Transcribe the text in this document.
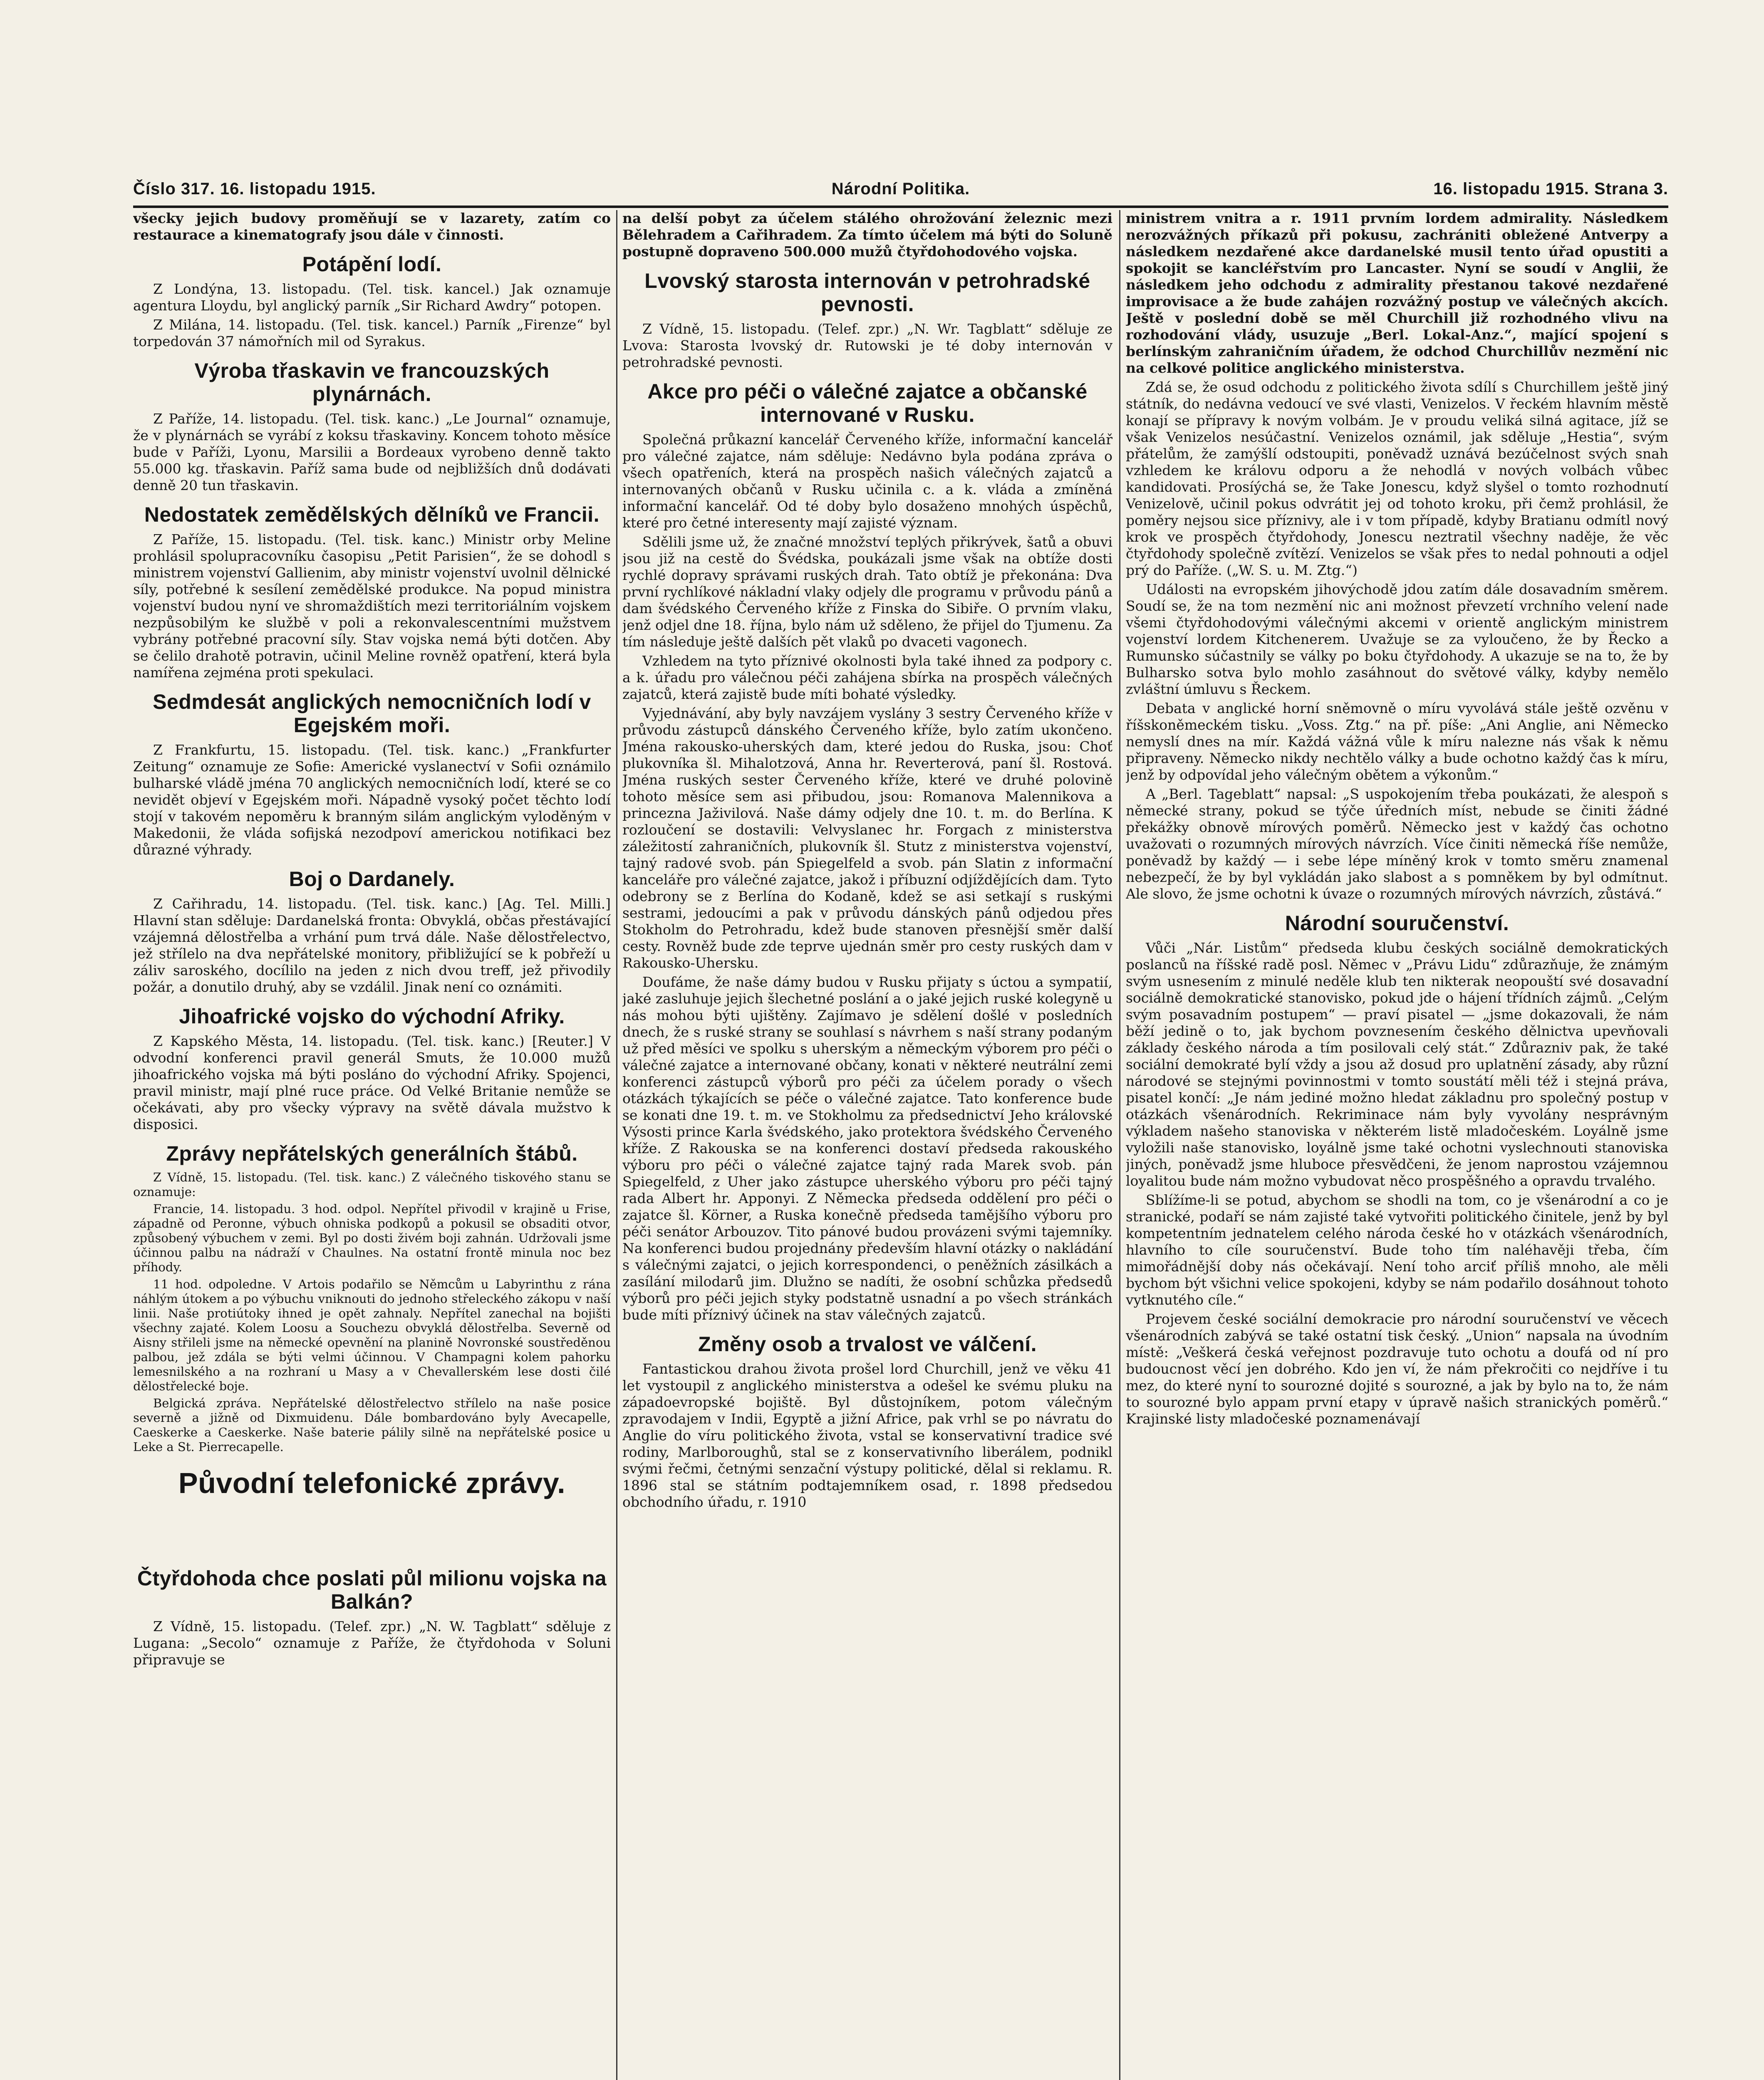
Národní Politika.
Číslo 317. 16. listopadu 1915.	16. listopadu 1915. Strana 3.

všecky jejich budovy proměňují se v lazarety, zatím co restaurace a kinematografy jsou dále v činnosti.

Potápění lodí.

Z Londýna, 13. listopadu. (Tel. tisk. kancel.) Jak oznamuje agentura Lloydu, byl anglický parník „Sir Richard Awdry“ potopen.

Z Milána, 14. listopadu. (Tel. tisk. kancel.) Parník „Firenze“ byl torpedován 37 námořních mil od Syrakus.

Výroba třaskavin ve francouzských plynárnách.

Z Paříže, 14. listopadu. (Tel. tisk. kanc.) „Le Journal“ oznamuje, že v plynárnách se vyrábí z koksu třaskaviny. Koncem tohoto měsíce bude v Paříži, Lyonu, Marsilii a Bordeaux vyrobeno denně takto 55.000 kg. třaskavin. Paříž sama bude od nejbližších dnů dodávati denně 20 tun třaskavin.

Nedostatek zemědělských dělníků ve Francii.

Z Paříže, 15. listopadu. (Tel. tisk. kanc.) Ministr orby Meline prohlásil spolupracovníku časopisu „Petit Parisien“, že se dohodl s ministrem vojenství Gallienim, aby ministr vojenství uvolnil dělnické síly, potřebné k sesílení zemědělské produkce. Na popud ministra vojenství budou nyní ve shromaždištích mezi territoriálním vojskem nezpůsobilým ke službě v poli a rekonvalescentními mužstvem vybrány potřebné pracovní síly. Stav vojska nemá býti dotčen. Aby se čelilo drahotě potravin, učinil Meline rovněž opatření, která byla namířena zejména proti spekulaci.

Sedmdesát anglických nemocničních lodí v Egejském moři.

Z Frankfurtu, 15. listopadu. (Tel. tisk. kanc.) „Frankfurter Zeitung“ oznamuje ze Sofie: Americké vyslanectví v Sofii oznámilo bulharské vládě jména 70 anglických nemocničních lodí, které se co nevidět objeví v Egejském moři. Nápadně vysoký počet těchto lodí stojí v takovém nepoměru k branným silám anglickým vyloděným v Makedonii, že vláda sofijská nezodpoví americkou notifikaci bez důrazné výhrady.

Boj o Dardanely.

Z Cařihradu, 14. listopadu. (Tel. tisk. kanc.) [Ag. Tel. Milli.] Hlavní stan sděluje: Dardanelská fronta: Obvyklá, občas přestávající vzájemná dělostřelba a vrhání pum trvá dále. Naše dělostřelectvo, jež střílelo na dva nepřátelské monitory, přibližující se k pobřeží u záliv saroského, docílilo na jeden z nich dvou treff, jež přivodily požár, a donutilo druhý, aby se vzdálil. Jinak není co oznámiti.

Jihoafrické vojsko do východní Afriky.

Z Kapského Města, 14. listopadu. (Tel. tisk. kanc.) [Reuter.] V odvodní konferenci pravil generál Smuts, že 10.000 mužů jihoafrického vojska má býti posláno do východní Afriky. Spojenci, pravil ministr, mají plné ruce práce. Od Velké Britanie nemůže se očekávati, aby pro všecky výpravy na světě dávala mužstvo k disposici.

Zprávy nepřátelských generálních štábů.

Z Vídně, 15. listopadu. (Tel. tisk. kanc.) Z válečného tiskového stanu se oznamuje:

Francie, 14. listopadu. 3 hod. odpol. Nepřítel přivodil v krajině u Frise, západně od Peronne, výbuch ohniska podkopů a pokusil se obsaditi otvor, způsobený výbuchem v zemi. Byl po dosti živém boji zahnán. Udržovali jsme účinnou palbu na nádraží v Chaulnes. Na ostatní frontě minula noc bez příhody.

11 hod. odpoledne. V Artois podařilo se Němcům u Labyrinthu z rána náhlým útokem a po výbuchu vniknouti do jednoho střeleckého zákopu v naší linii. Naše protiútoky ihned je opět zahnaly. Nepřítel zanechal na bojišti všechny zajaté. Kolem Loosu a Souchezu obvyklá dělostřelba. Severně od Aisny střileli jsme na německé opevnění na planině Novronské soustředěnou palbou, jež zdála se býti velmi účinnou. V Champagni kolem pahorku lemesnilského a na rozhraní u Masy a v Chevallerském lese dosti čilé dělostřelecké boje.

Belgická zpráva. Nepřátelské dělostřelectvo střílelo na naše posice severně a jižně od Dixmuidenu. Dále bombardováno byly Avecapelle, Caeskerke a Caeskerke. Naše baterie pálily silně na nepřátelské posice u Leke a St. Pierrecapelle.

Původní telefonické zprávy.
Čtyřdohoda chce poslati půl milionu vojska na Balkán?

Z Vídně, 15. listopadu. (Telef. zpr.) „N. W. Tagblatt“ sděluje z Lugana: „Secolo“ oznamuje z Paříže, že čtyřdohoda v Soluni připravuje se

na delší pobyt za účelem stálého ohrožování železnic mezi Bělehradem a Cařihradem. Za tímto účelem má býti do Soluně postupně dopraveno 500.000 mužů čtyřdohodového vojska.

Lvovský starosta internován v petrohradské pevnosti.

Z Vídně, 15. listopadu. (Telef. zpr.) „N. Wr. Tagblatt“ sděluje ze Lvova: Starosta lvovský dr. Rutowski je té doby internován v petrohradské pevnosti.

Akce pro péči o válečné zajatce a občanské internované v Rusku.

Společná průkazní kancelář Červeného kříže, informační kancelář pro válečné zajatce, nám sděluje: Nedávno byla podána zpráva o všech opatřeních, která na prospěch našich válečných zajatců a internovaných občanů v Rusku učinila c. a k. vláda a zmíněná informační kancelář. Od té doby bylo dosaženo mnohých úspěchů, které pro četné interesenty mají zajisté význam.

Sdělili jsme už, že značné množství teplých přikrývek, šatů a obuvi jsou již na cestě do Švédska, poukázali jsme však na obtíže dosti rychlé dopravy správami ruských drah. Tato obtíž je překonána: Dva první rychlíkové nákladní vlaky odjely dle programu v průvodu pánů a dam švédského Červeného kříže z Finska do Sibiře. O prvním vlaku, jenž odjel dne 18. října, bylo nám už sděleno, že přijel do Tjumenu. Za tím následuje ještě dalších pět vlaků po dvaceti vagonech.

Vzhledem na tyto příznivé okolnosti byla také ihned za podpory c. a k. úřadu pro válečnou péči zahájena sbírka na prospěch válečných zajatců, která zajistě bude míti bohaté výsledky.

Vyjednávání, aby byly navzájem vyslány 3 sestry Červeného kříže v průvodu zástupců dánského Červeného kříže, bylo zatím ukončeno. Jména rakousko-uherských dam, které jedou do Ruska, jsou: Choť plukovníka šl. Mihalotzová, Anna hr. Reverterová, paní šl. Rostová. Jména ruských sester Červeného kříže, které ve druhé polovině tohoto měsíce sem asi přibudou, jsou: Romanova Malennikova a princezna Jaživilová. Naše dámy odjely dne 10. t. m. do Berlína. K rozloučení se dostavili: Velvyslanec hr. Forgach z ministerstva záležitostí zahraničních, plukovník šl. Stutz z ministerstva vojenství, tajný radové svob. pán Spiegelfeld a svob. pán Slatin z informační kanceláře pro válečné zajatce, jakož i příbuzní odjíždějících dam. Tyto odebrony se z Berlína do Kodaně, kdež se asi setkají s ruskými sestrami, jedoucími a pak v průvodu dánských pánů odjedou přes Stokholm do Petrohradu, kdež bude stanoven přesnější směr další cesty. Rovněž bude zde teprve ujednán směr pro cesty ruských dam v Rakousko-Uhersku.

Doufáme, že naše dámy budou v Rusku přijaty s úctou a sympatií, jaké zasluhuje jejich šlechetné poslání a o jaké jejich ruské kolegyně u nás mohou býti ujištěny. Zajímavo je sdělení došlé v posledních dnech, že s ruské strany se souhlasí s návrhem s naší strany podaným už před měsíci ve spolku s uherským a německým výborem pro péči o válečné zajatce a internované občany, konati v některé neutrální zemi konferenci zástupců výborů pro péči za účelem porady o všech otázkách týkajících se péče o válečné zajatce. Tato konference bude se konati dne 19. t. m. ve Stokholmu za předsednictví Jeho královské Výsosti prince Karla švédského, jako protektora švédského Červeného kříže. Z Rakouska se na konferenci dostaví předseda rakouského výboru pro péči o válečné zajatce tajný rada Marek svob. pán Spiegelfeld, z Uher jako zástupce uherského výboru pro péči tajný rada Albert hr. Apponyi. Z Německa předseda oddělení pro péči o zajatce šl. Körner, a Ruska konečně předseda tamějšího výboru pro péči senátor Arbouzov. Tito pánové budou provázeni svými tajemníky. Na konferenci budou projednány především hlavní otázky o nakládání s válečnými zajatci, o jejich korrespondenci, o peněžních zásilkách a zasílání milodarů jim. Dlužno se nadíti, že osobní schůzka předsedů výborů pro péči jejich styky podstatně usnadní a po všech stránkách bude míti příznivý účinek na stav válečných zajatců.

Změny osob a trvalost ve válčení.

Fantastickou drahou života prošel lord Churchill, jenž ve věku 41 let vystoupil z anglického ministerstva a odešel ke svému pluku na západoevropské bojiště. Byl důstojníkem, potom válečným zpravodajem v Indii, Egyptě a jižní Africe, pak vrhl se po návratu do Anglie do víru politického života, vstal se konservativní tradice své rodiny, Marlboroughů, stal se z konservativního liberálem, podnikl svými řečmi, četnými senzační výstupy politické, dělal si reklamu. R. 1896 stal se státním podtajemníkem osad, r. 1898 předsedou obchodního úřadu, r. 1910

ministrem vnitra a r. 1911 prvním lordem admirality. Následkem nerozvážných příkazů při pokusu, zachrániti obležené Antverpy a následkem nezdařené akce dardanelské musil tento úřad opustiti a spokojit se kancléřstvím pro Lancaster. Nyní se soudí v Anglii, že následkem jeho odchodu z admirality přestanou takové nezdařené improvisace a že bude zahájen rozvážný postup ve válečných akcích. Ještě v poslední době se měl Churchill již rozhodného vlivu na rozhodování vlády, usuzuje „Berl. Lokal-Anz.“, mající spojení s berlínským zahraničním úřadem, že odchod Churchillův nezmění nic na celkové politice anglického ministerstva.

Zdá se, že osud odchodu z politického života sdílí s Churchillem ještě jiný státník, do nedávna vedoucí ve své vlasti, Venizelos. V řeckém hlavním městě konají se přípravy k novým volbám. Je v proudu veliká silná agitace, jíž se však Venizelos nesúčastní. Venizelos oznámil, jak sděluje „Hestia“, svým přátelům, že zamýšlí odstoupiti, poněvadž uznává bezúčelnost svých snah vzhledem ke královu odporu a že nehodlá v nových volbách vůbec kandidovati. Prosíýchá se, že Take Jonescu, když slyšel o tomto rozhodnutí Venizelově, učinil pokus odvrátit jej od tohoto kroku, při čemž prohlásil, že poměry nejsou sice příznivy, ale i v tom případě, kdyby Bratianu odmítl nový krok ve prospěch čtyřdohody, Jonescu neztratil všechny naděje, že věc čtyřdohody společně zvítězí. Venizelos se však přes to nedal pohnouti a odjel prý do Paříže. („W. S. u. M. Ztg.“)

Události na evropském jihovýchodě jdou zatím dále dosavadním směrem. Soudí se, že na tom nezmění nic ani možnost převzetí vrchního velení nade všemi čtyřdohodovými válečnými akcemi v orientě anglickým ministrem vojenství lordem Kitchenerem. Uvažuje se za vyloučeno, že by Řecko a Rumunsko súčastnily se války po boku čtyřdohody. A ukazuje se na to, že by Bulharsko sotva bylo mohlo zasáhnout do světové války, kdyby nemělo zvláštní úmluvu s Řeckem.

Debata v anglické horní sněmovně o míru vyvolává stále ještě ozvěnu v říšskoněmeckém tisku. „Voss. Ztg.“ na př. píše: „Ani Anglie, ani Německo nemyslí dnes na mír. Každá vážná vůle k míru naleznе nás však k němu připraveny. Německo nikdy nechtělo války a bude ochotno každý čas k míru, jenž by odpovídal jeho válečným obětem a výkonům.“

A „Berl. Tageblatt“ napsal: „S uspokojením třeba poukázati, že alespoň s německé strany, pokud se týče úředních míst, nebude se činiti žádné překážky obnově mírových poměrů. Německo jest v každý čas ochotno uvažovati o rozumných mírových návrzích. Více činiti německá říše nemůže, poněvadž by každý — i sebe lépe míněný krok v tomto směru znamenal nebezpečí, že by byl vykládán jako slabost a s pomněkem by byl odmítnut. Ale slovo, že jsme ochotni k úvaze o rozumných mírových návrzích, zůstává.“

Národní souručenství.

Vůči „Nár. Listům“ předseda klubu českých sociálně demokratických poslanců na říšské radě posl. Němec v „Právu Lidu“ zdůrazňuje, že známým svým usnesením z minulé neděle klub ten nikterak neopouští své dosavadní sociálně demokratické stanovisko, pokud jde o hájení třídních zájmů. „Celým svým posavadním postupem“ — praví pisatel — „jsme dokazovali, že nám běží jedině o to, jak bychom povznesením českého dělnictva upevňovali základy českého národa a tím posilovali celý stát.“ Zdůrazniv pak, že také sociální demokraté bylí vždy a jsou až dosud pro uplatnění zásady, aby různí národové se stejnými povinnostmi v tomto soustátí měli též i stejná práva, pisatel končí: „Je nám jediné možno hledat základnu pro společný postup v otázkách všenárodních. Rekriminace nám byly vyvolány nesprávným výkladem našeho stanoviska v některém listě mladočeském. Loyálně jsme vyložili naše stanovisko, loyálně jsme také ochotni vyslechnouti stanoviska jiných, poněvadž jsme hluboce přesvědčeni, že jenom naprostou vzájemnou loyalitou bude nám možno vybudovat něco prospěšného a opravdu trvalého.

Sblížíme-li se potud, abychom se shodli na tom, co je všenárodní a co je stranické, podaří se nám zajisté také vytvořiti politického činitele, jenž by byl kompetentním jednatelem celého národa české ho v otázkách všenárodních, hlavního to cíle souručenství. Bude toho tím naléhavěji třeba, čím mimořádnější doby nás očekávají. Není toho arciť příliš mnoho, ale měli bychom být všichni velice spokojeni, kdyby se nám podařilo dosáhnout tohoto vytknutého cíle.“

Projevem české sociální demokracie pro národní souručenství ve věcech všenárodních zabývá se také ostatní tisk český. „Union“ napsala na úvodním místě: „Veškerá česká veřejnost pozdravuje tuto ochotu a doufá od ní pro budoucnost věcí jen dobrého. Kdo jen ví, že nám překročiti co nejdříve i tu mez, do které nyní to sourozné dojité s sourozné, a jak by bylo na to, že nám to sourozné bylo appam první etapy v úpravě našich stranických poměrů.“ Krajinské listy mladočeské poznamenávají
